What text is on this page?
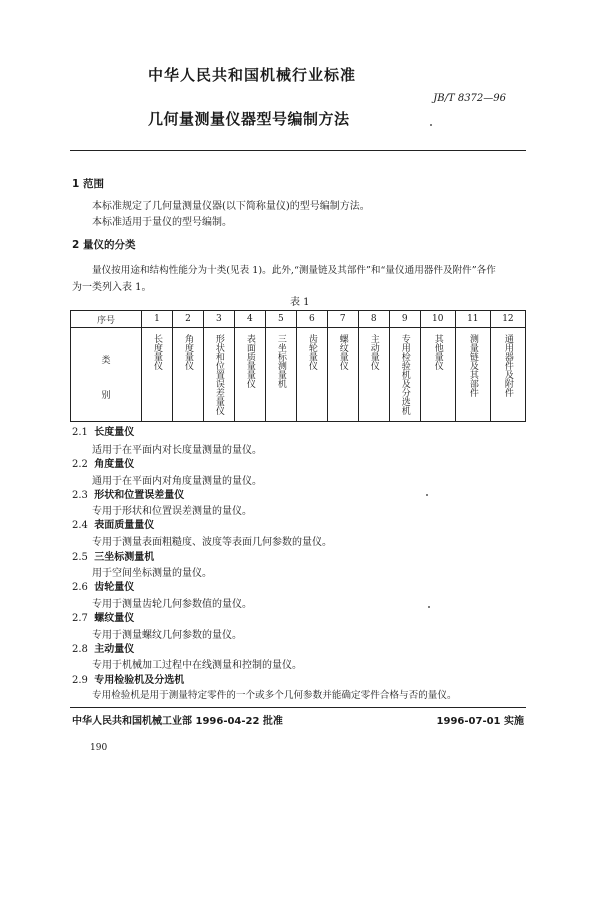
中华人民共和国机械行业标准
JB/T 8372—96
几何量测量仪器型号编制方法
1 范围
本标准规定了几何量测量仪器(以下简称量仪)的型号编制方法。
本标准适用于量仪的型号编制。
2 量仪的分类
量仪按用途和结构性能分为十类(见表 1)。此外,“测量链及其部件”和“量仪通用器件及附件”各作
为一类列入表 1。
表 1
序号	1	2	3	4	5	6	7	8	9	10	11	12

类
别	长度量仪	角度量仪	形状和位置误差量仪	表面质量量仪	三坐标测量机	齿轮量仪	螺纹量仪	主动量仪	专用检验机及分选机	其他量仪	测量链及其部件	通用器件及附件
2.1 长度量仪
适用于在平面内对长度量测量的量仪。
2.2 角度量仪
通用于在平面内对角度量测量的量仪。
2.3 形状和位置误差量仪
专用于形状和位置误差测量的量仪。
2.4 表面质量量仪
专用于测量表面粗糙度、波度等表面几何参数的量仪。
2.5 三坐标测量机
用于空间坐标测量的量仪。
2.6 齿轮量仪
专用于测量齿轮几何参数值的量仪。
2.7 螺纹量仪
专用于测量螺纹几何参数的量仪。
2.8 主动量仪
专用于机械加工过程中在线测量和控制的量仪。
2.9 专用检验机及分选机
专用检验机是用于测量特定零件的一个或多个几何参数并能确定零件合格与否的量仪。
中华人民共和国机械工业部 1996-04-22 批准	1996-07-01 实施
190
